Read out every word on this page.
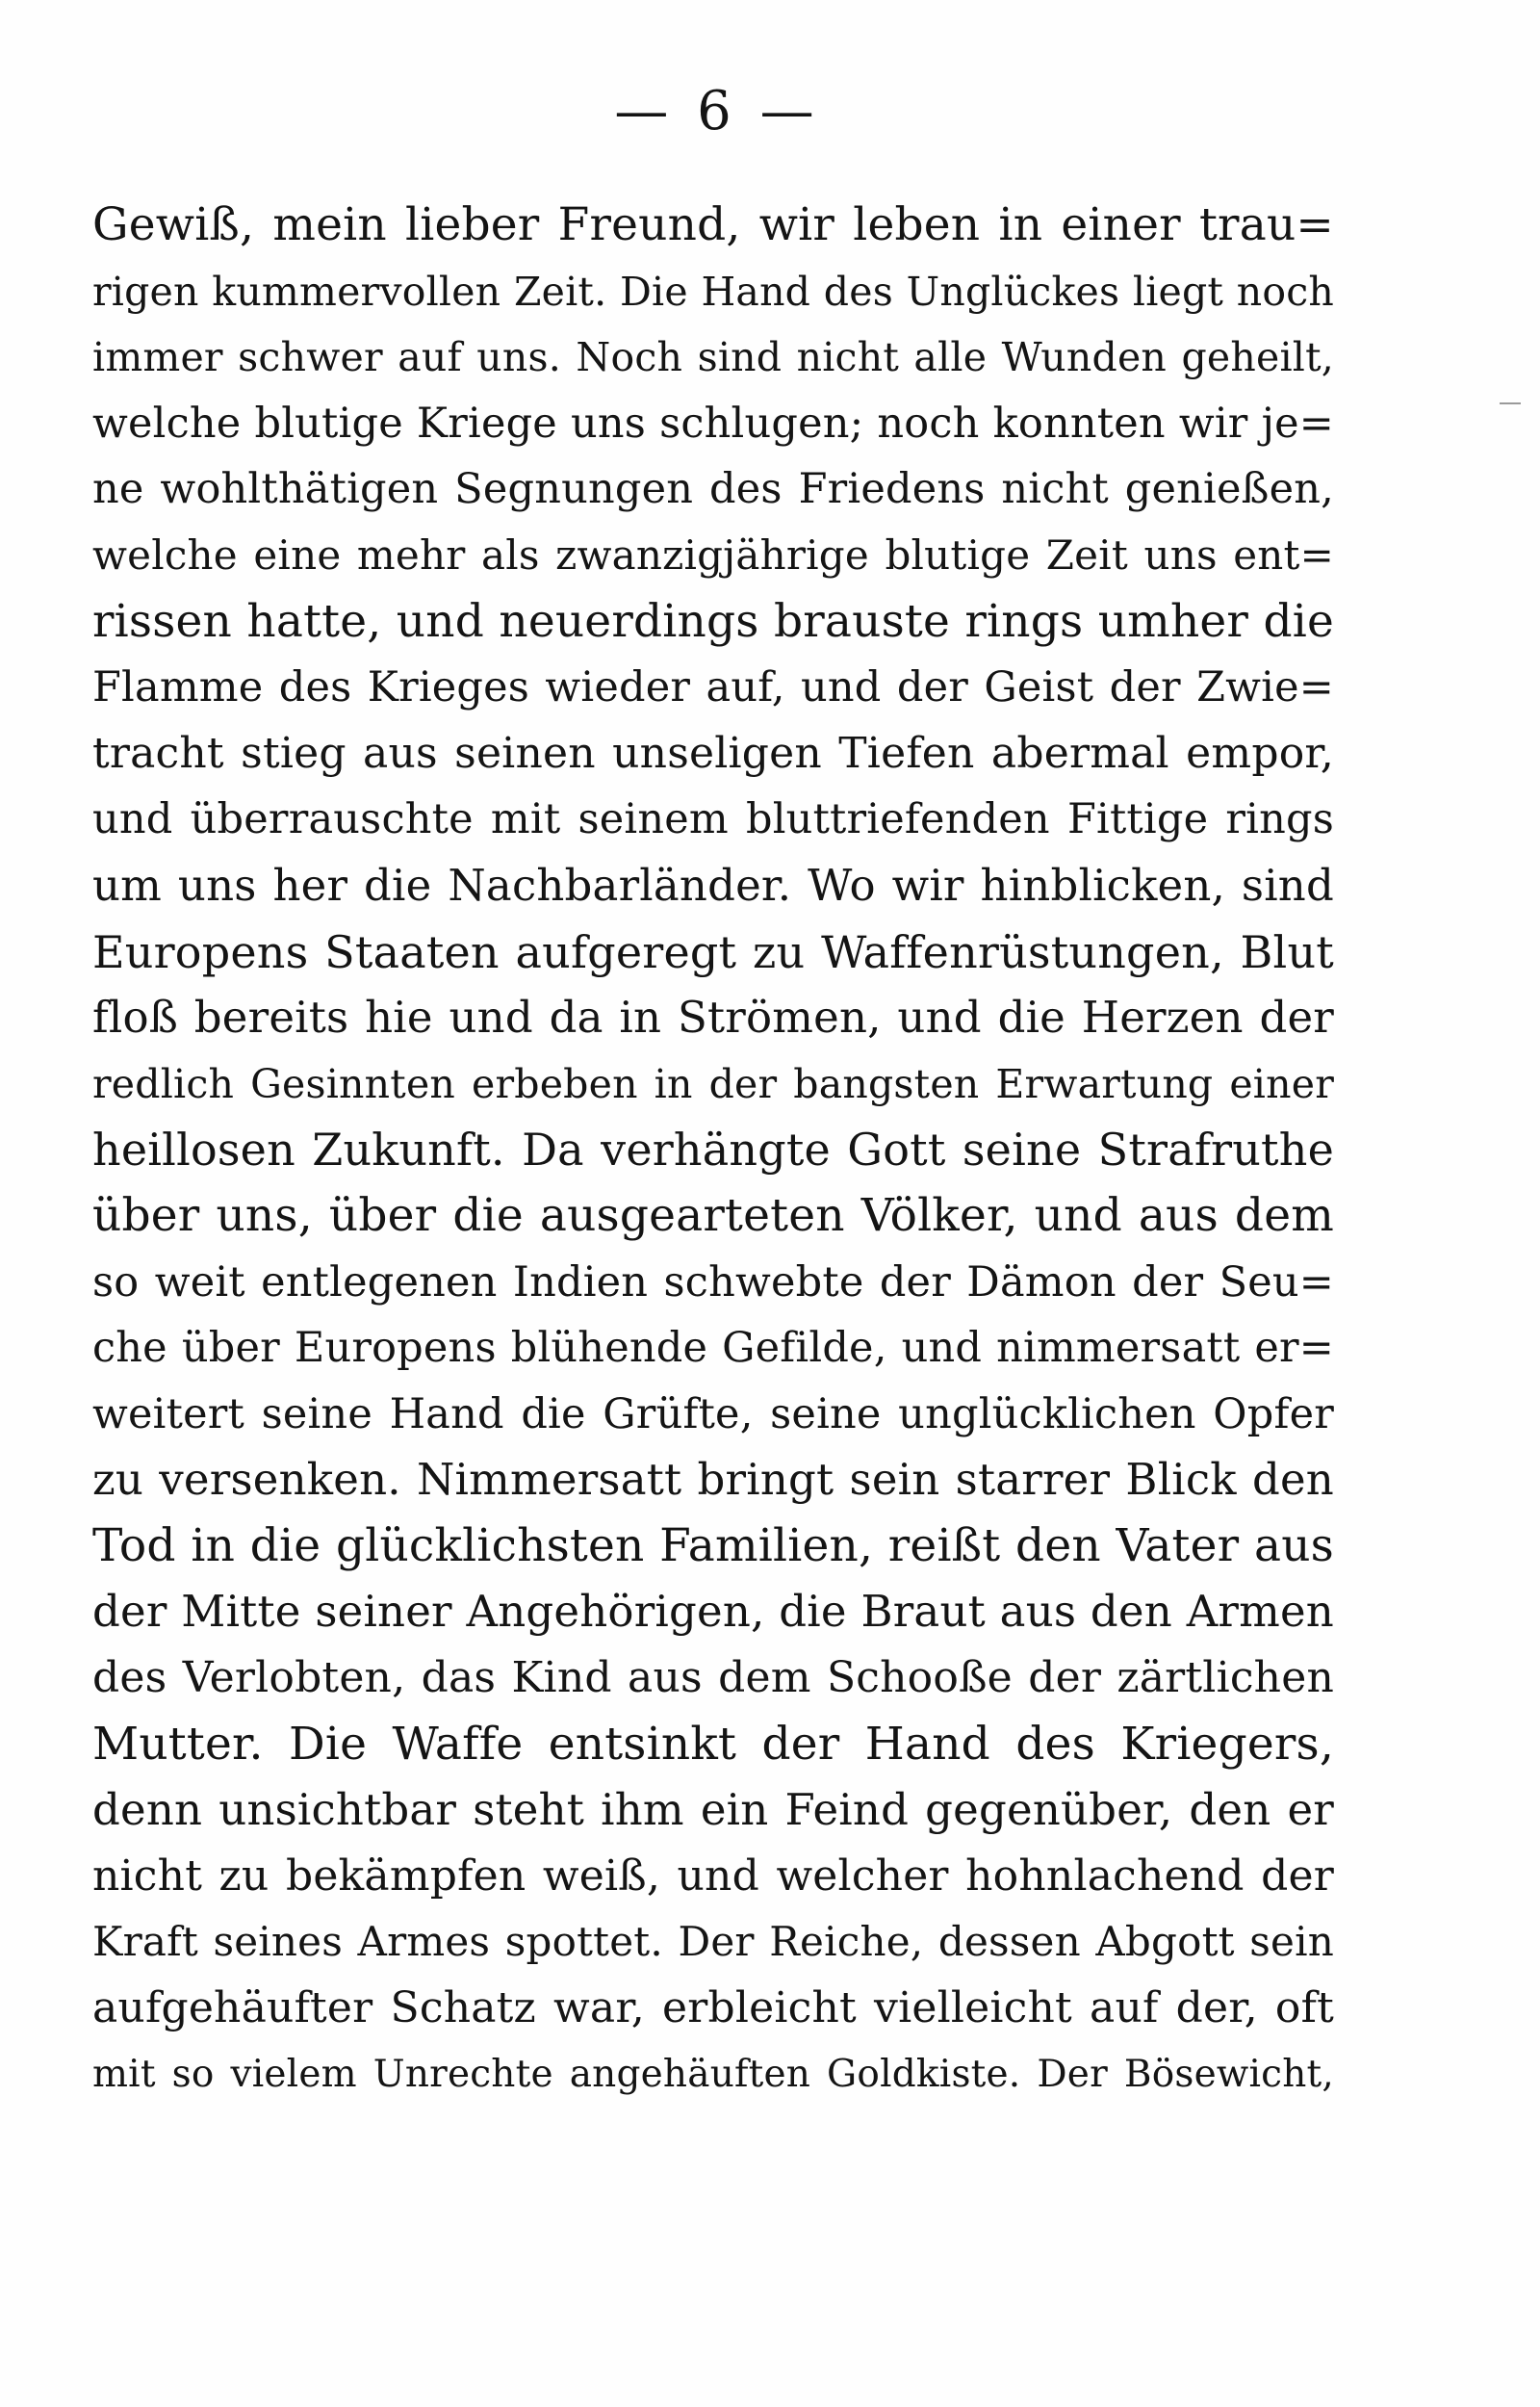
— 6 —
Gewiß, mein lieber Freund, wir leben in einer trau=
rigen kummervollen Zeit. Die Hand des Unglückes liegt noch
immer schwer auf uns. Noch sind nicht alle Wunden geheilt,
welche blutige Kriege uns schlugen; noch konnten wir je=
ne wohlthätigen Segnungen des Friedens nicht genießen,
welche eine mehr als zwanzigjährige blutige Zeit uns ent=
rissen hatte, und neuerdings brauste rings umher die
Flamme des Krieges wieder auf, und der Geist der Zwie=
tracht stieg aus seinen unseligen Tiefen abermal empor,
und überrauschte mit seinem bluttriefenden Fittige rings
um uns her die Nachbarländer. Wo wir hinblicken, sind
Europens Staaten aufgeregt zu Waffenrüstungen, Blut
floß bereits hie und da in Strömen, und die Herzen der
redlich Gesinnten erbeben in der bangsten Erwartung einer
heillosen Zukunft. Da verhängte Gott seine Strafruthe
über uns, über die ausgearteten Völker, und aus dem
so weit entlegenen Indien schwebte der Dämon der Seu=
che über Europens blühende Gefilde, und nimmersatt er=
weitert seine Hand die Grüfte, seine unglücklichen Opfer
zu versenken. Nimmersatt bringt sein starrer Blick den
Tod in die glücklichsten Familien, reißt den Vater aus
der Mitte seiner Angehörigen, die Braut aus den Armen
des Verlobten, das Kind aus dem Schooße der zärtlichen
Mutter. Die Waffe entsinkt der Hand des Kriegers,
denn unsichtbar steht ihm ein Feind gegenüber, den er
nicht zu bekämpfen weiß, und welcher hohnlachend der
Kraft seines Armes spottet. Der Reiche, dessen Abgott sein
aufgehäufter Schatz war, erbleicht vielleicht auf der, oft
mit so vielem Unrechte angehäuften Goldkiste. Der Bösewicht,
